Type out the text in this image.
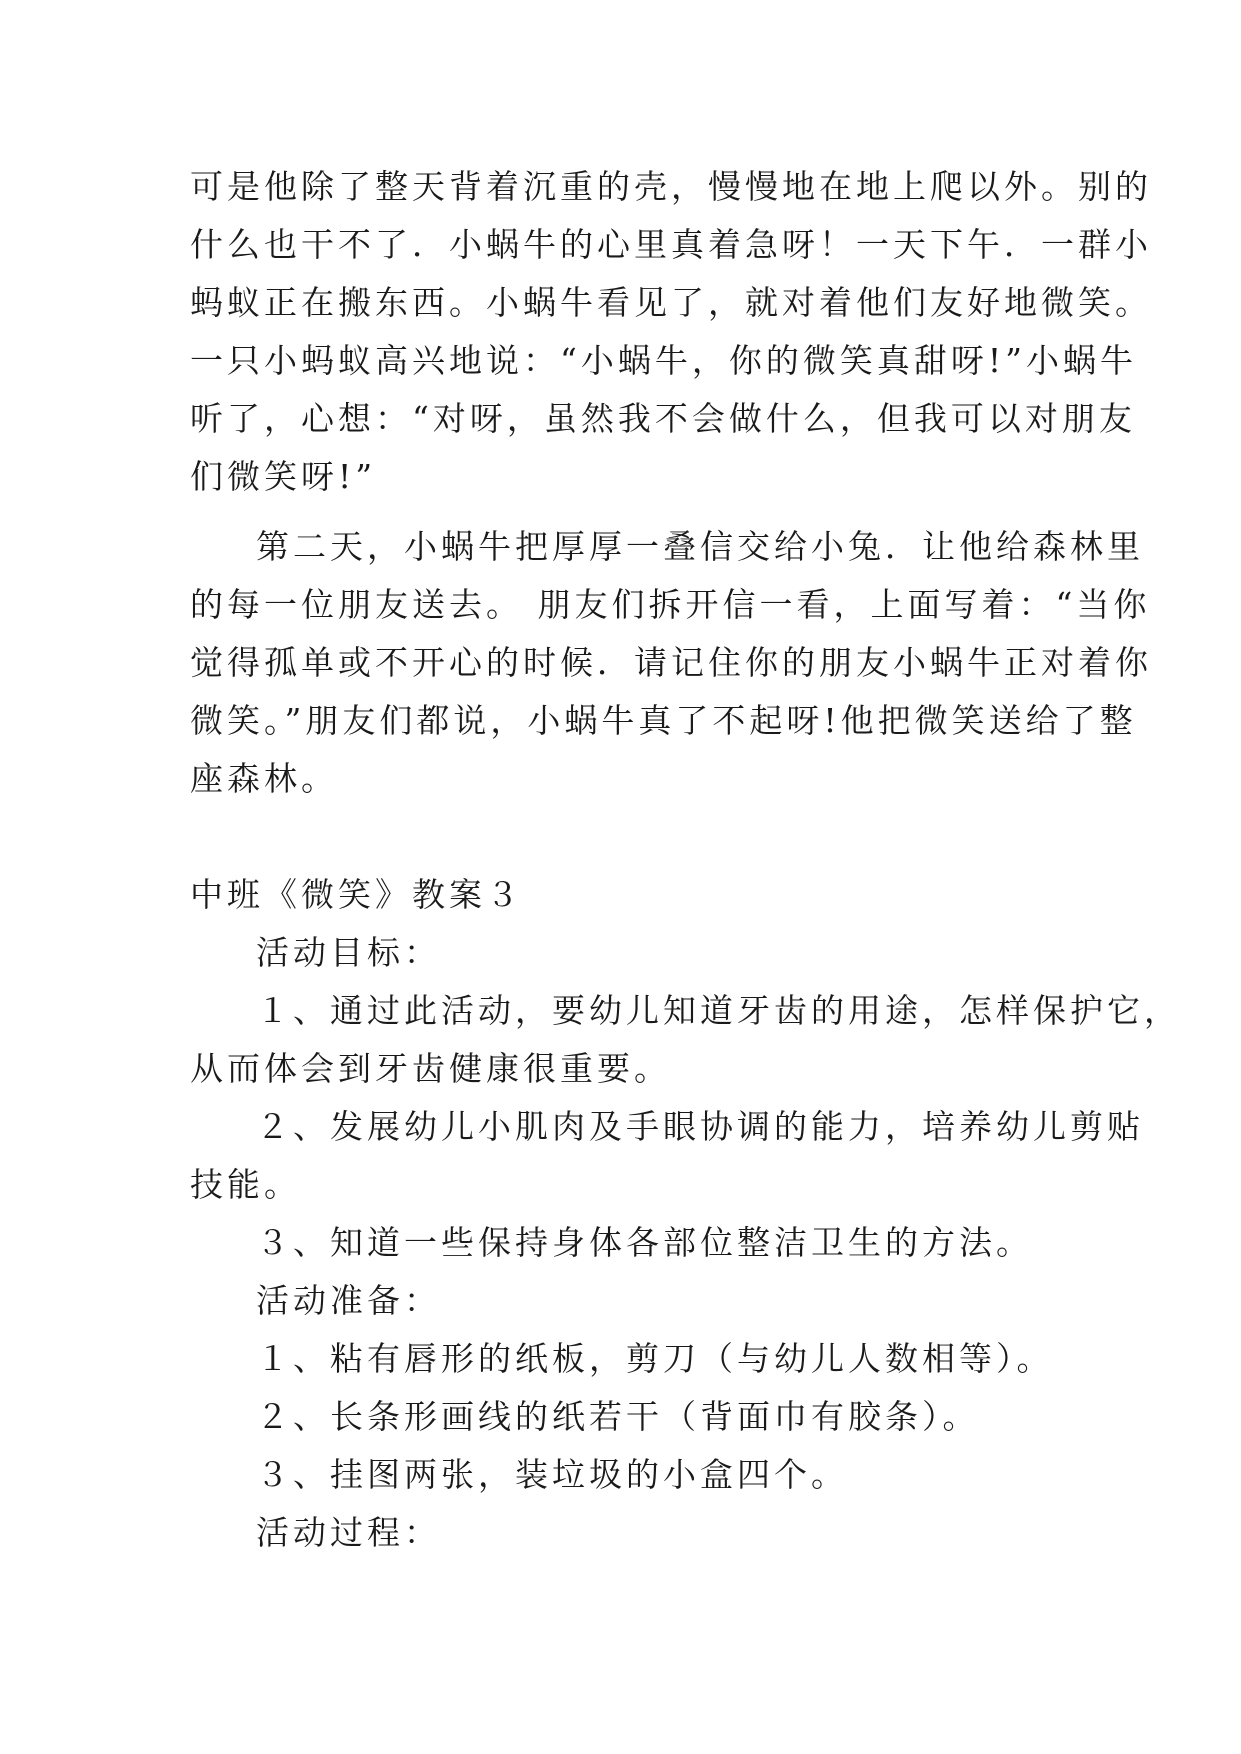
可是他除了整天背着沉重的壳，慢慢地在地上爬以外。别的
什么也干不了．小蜗牛的心里真着急呀！一天下午．一群小
蚂蚁正在搬东西。小蜗牛看见了，就对着他们友好地微笑。
一只小蚂蚁高兴地说：“小蜗牛，你的微笑真甜呀!”小蜗牛
听了，心想：“对呀，虽然我不会做什么，但我可以对朋友
们微笑呀!”
第二天，小蜗牛把厚厚一叠信交给小兔．让他给森林里
的每一位朋友送去。 朋友们拆开信一看，上面写着：“当你
觉得孤单或不开心的时候．请记住你的朋友小蜗牛正对着你
微笑。”朋友们都说，小蜗牛真了不起呀!他把微笑送给了整
座森林。
中班《微笑》教案３
活动目标：
１、通过此活动，要幼儿知道牙齿的用途，怎样保护它，
从而体会到牙齿健康很重要。
２、发展幼儿小肌肉及手眼协调的能力，培养幼儿剪贴
技能。
３、知道一些保持身体各部位整洁卫生的方法。
活动准备：
１、粘有唇形的纸板，剪刀（与幼儿人数相等）。
２、长条形画线的纸若干（背面巾有胶条）。
３、挂图两张，装垃圾的小盒四个。
活动过程：
